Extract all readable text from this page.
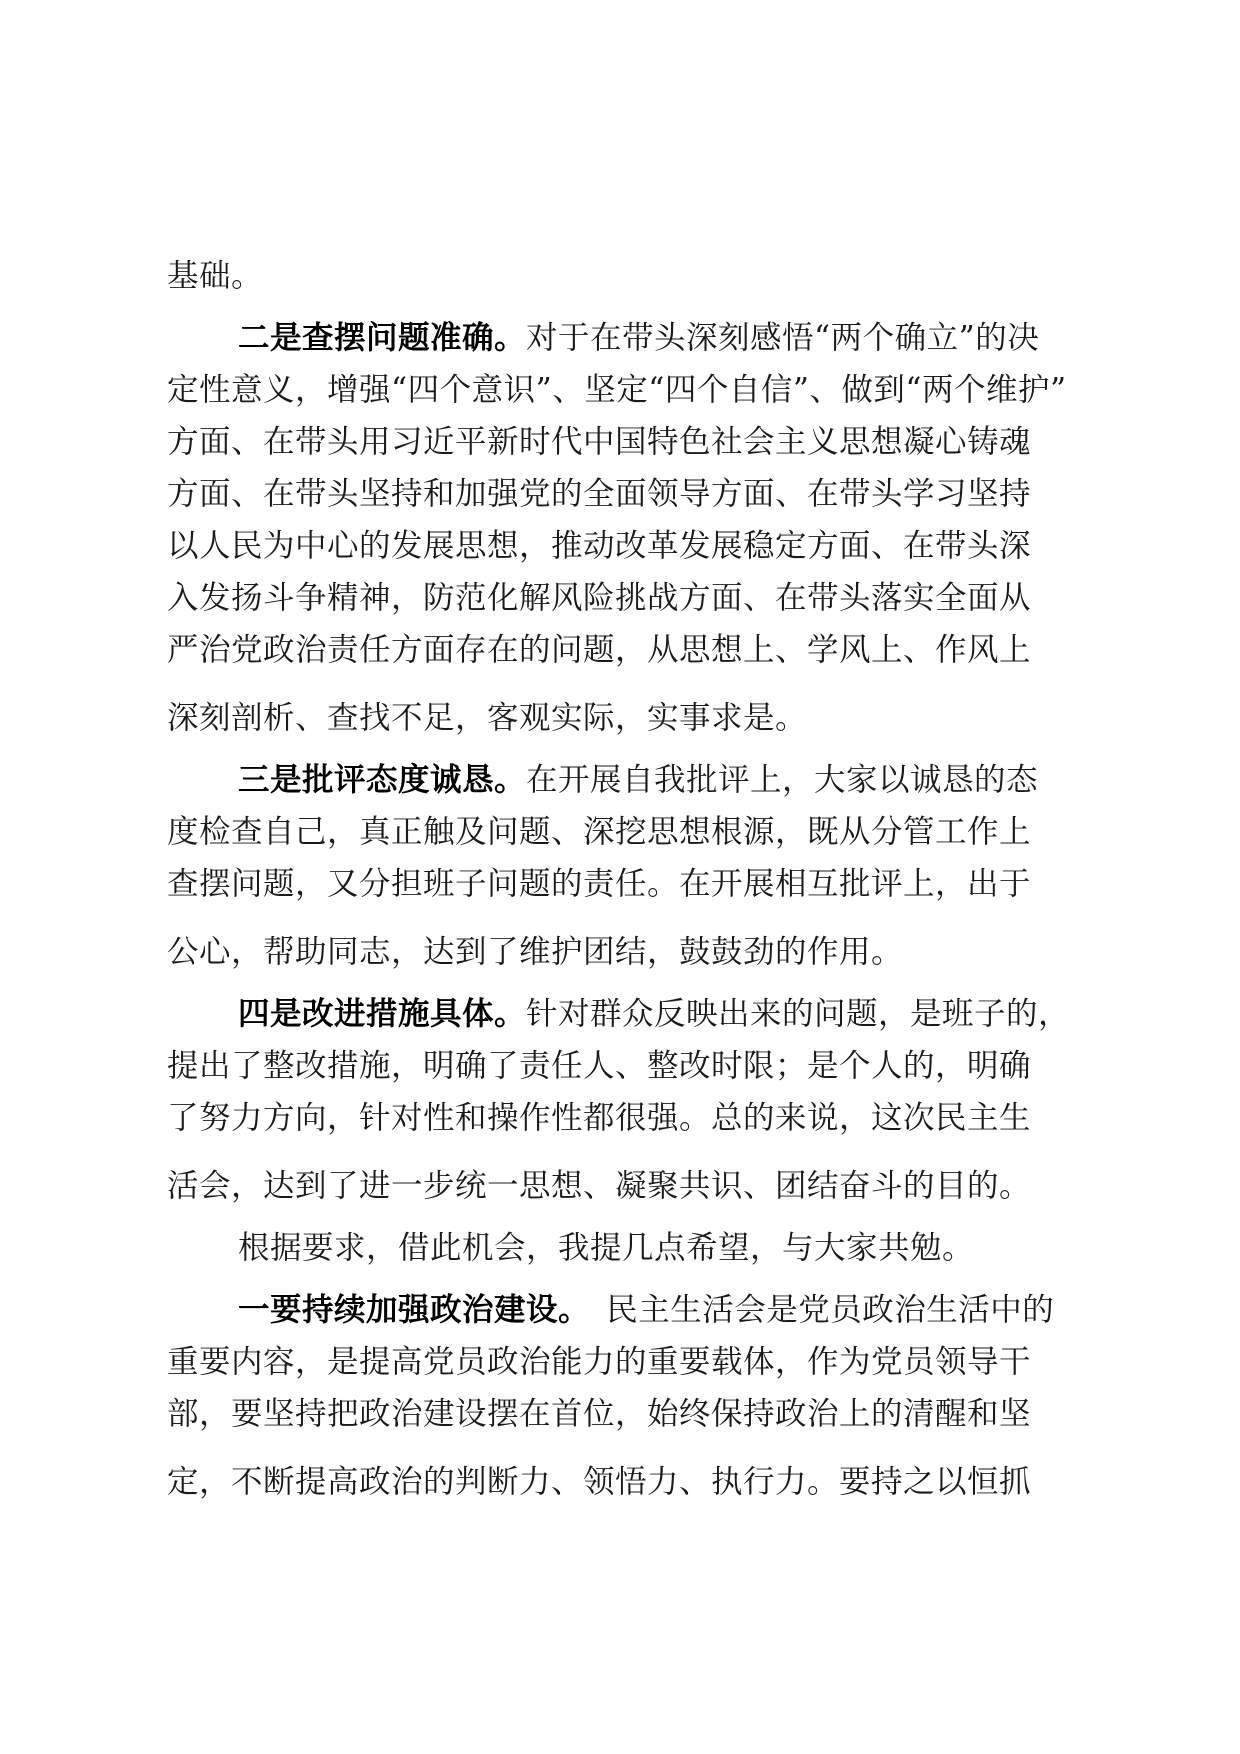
基础。
二是查摆问题准确。对于在带头深刻感悟“两个确立”的决
定性意义，增强“四个意识”、坚定“四个自信”、做到“两个维护”
方面、在带头用习近平新时代中国特色社会主义思想凝心铸魂
方面、在带头坚持和加强党的全面领导方面、在带头学习坚持
以人民为中心的发展思想，推动改革发展稳定方面、在带头深
入发扬斗争精神，防范化解风险挑战方面、在带头落实全面从
严治党政治责任方面存在的问题，从思想上、学风上、作风上
深刻剖析、查找不足，客观实际，实事求是。
三是批评态度诚恳。在开展自我批评上，大家以诚恳的态
度检查自己，真正触及问题、深挖思想根源，既从分管工作上
查摆问题，又分担班子问题的责任。在开展相互批评上，出于
公心，帮助同志，达到了维护团结，鼓鼓劲的作用。
四是改进措施具体。针对群众反映出来的问题，是班子的，
提出了整改措施，明确了责任人、整改时限；是个人的，明确
了努力方向，针对性和操作性都很强。总的来说，这次民主生
活会，达到了进一步统一思想、凝聚共识、团结奋斗的目的。
根据要求，借此机会，我提几点希望，与大家共勉。
一要持续加强政治建设。　民主生活会是党员政治生活中的
重要内容，是提高党员政治能力的重要载体，作为党员领导干
部，要坚持把政治建设摆在首位，始终保持政治上的清醒和坚
定，不断提高政治的判断力、领悟力、执行力。要持之以恒抓
